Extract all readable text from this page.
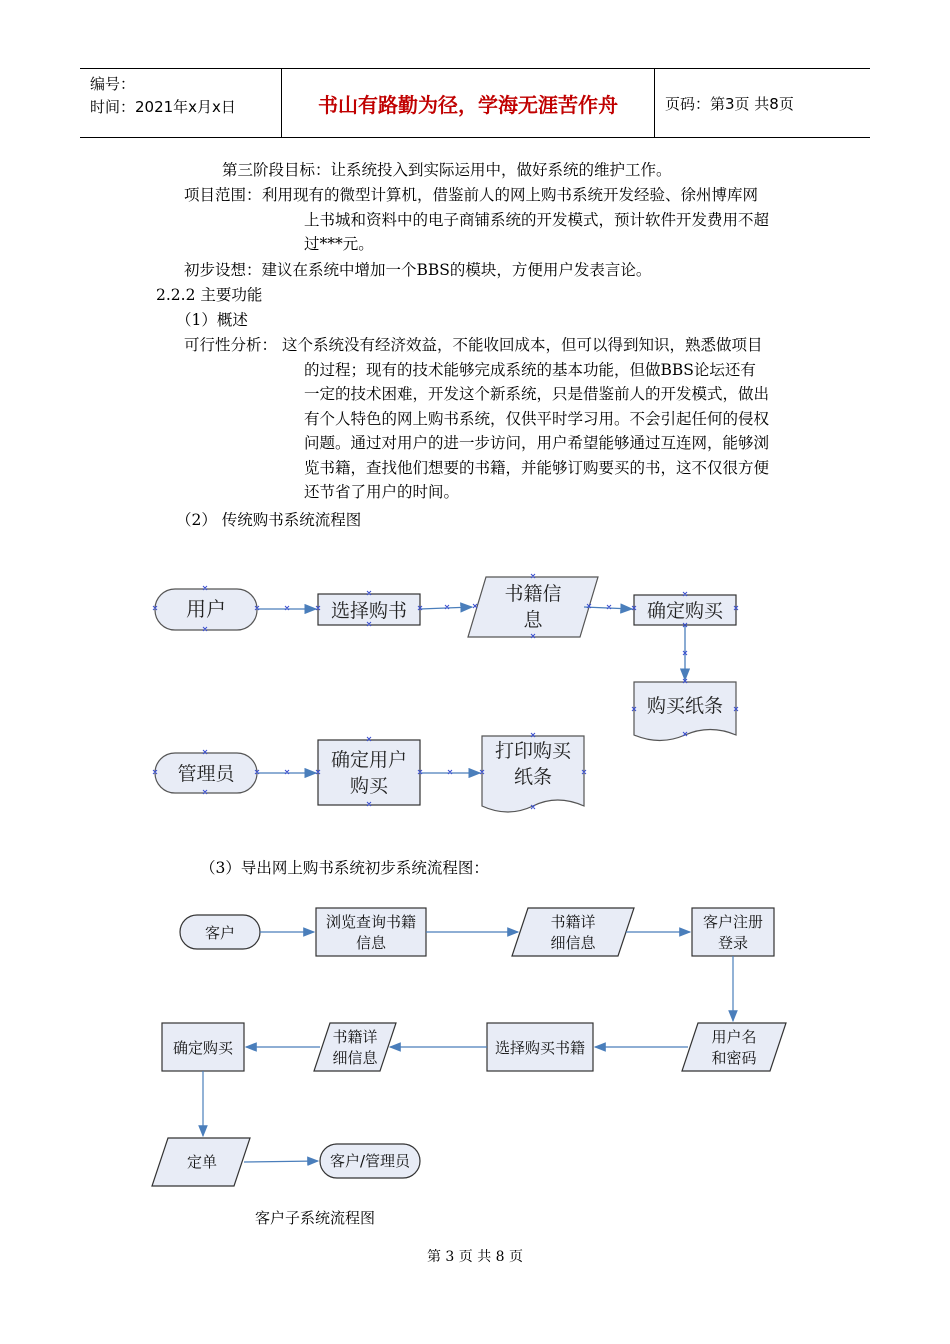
编号：
时间：2021年x月x日	书山有路勤为径，学海无涯苦作舟	页码：第3页 共8页
第三阶段目标：让系统投入到实际运用中，做好系统的维护工作。
项目范围： 利用现有的微型计算机，借鉴前人的网上购书系统开发经验、徐州博库网
上书城和资料中的电子商铺系统的开发模式，预计软件开发费用不超
过***元。
初步设想：建议在系统中增加一个BBS的模块，方便用户发表言论。
2.2.2 主要功能
（1）概述
可行性分析： 这个系统没有经济效益，不能收回成本，但可以得到知识，熟悉做项目
的过程；现有的技术能够完成系统的基本功能，但做BBS论坛还有
一定的技术困难，开发这个新系统，只是借鉴前人的开发模式，做出
有个人特色的网上购书系统，仅供平时学习用。不会引起任何的侵权
问题。通过对用户的进一步访问，用户希望能够通过互连网，能够浏
览书籍，查找他们想要的书籍，并能够订购要买的书，这不仅很方便
还节省了用户的时间。
（2） 传统购书系统流程图
（3）导出网上购书系统初步系统流程图：
用户	选择购书
书籍信
息	确定购买
购买纸条
管理员
确定用户
购买
打印购买
纸条
客户
浏览查询书籍
信息
书籍详
细信息
客户注册
登录
用户名
和密码
选择购买书籍
书籍详
细信息
确定购买
定单	客户/管理员
客户子系统流程图
第 3 页 共 8 页
